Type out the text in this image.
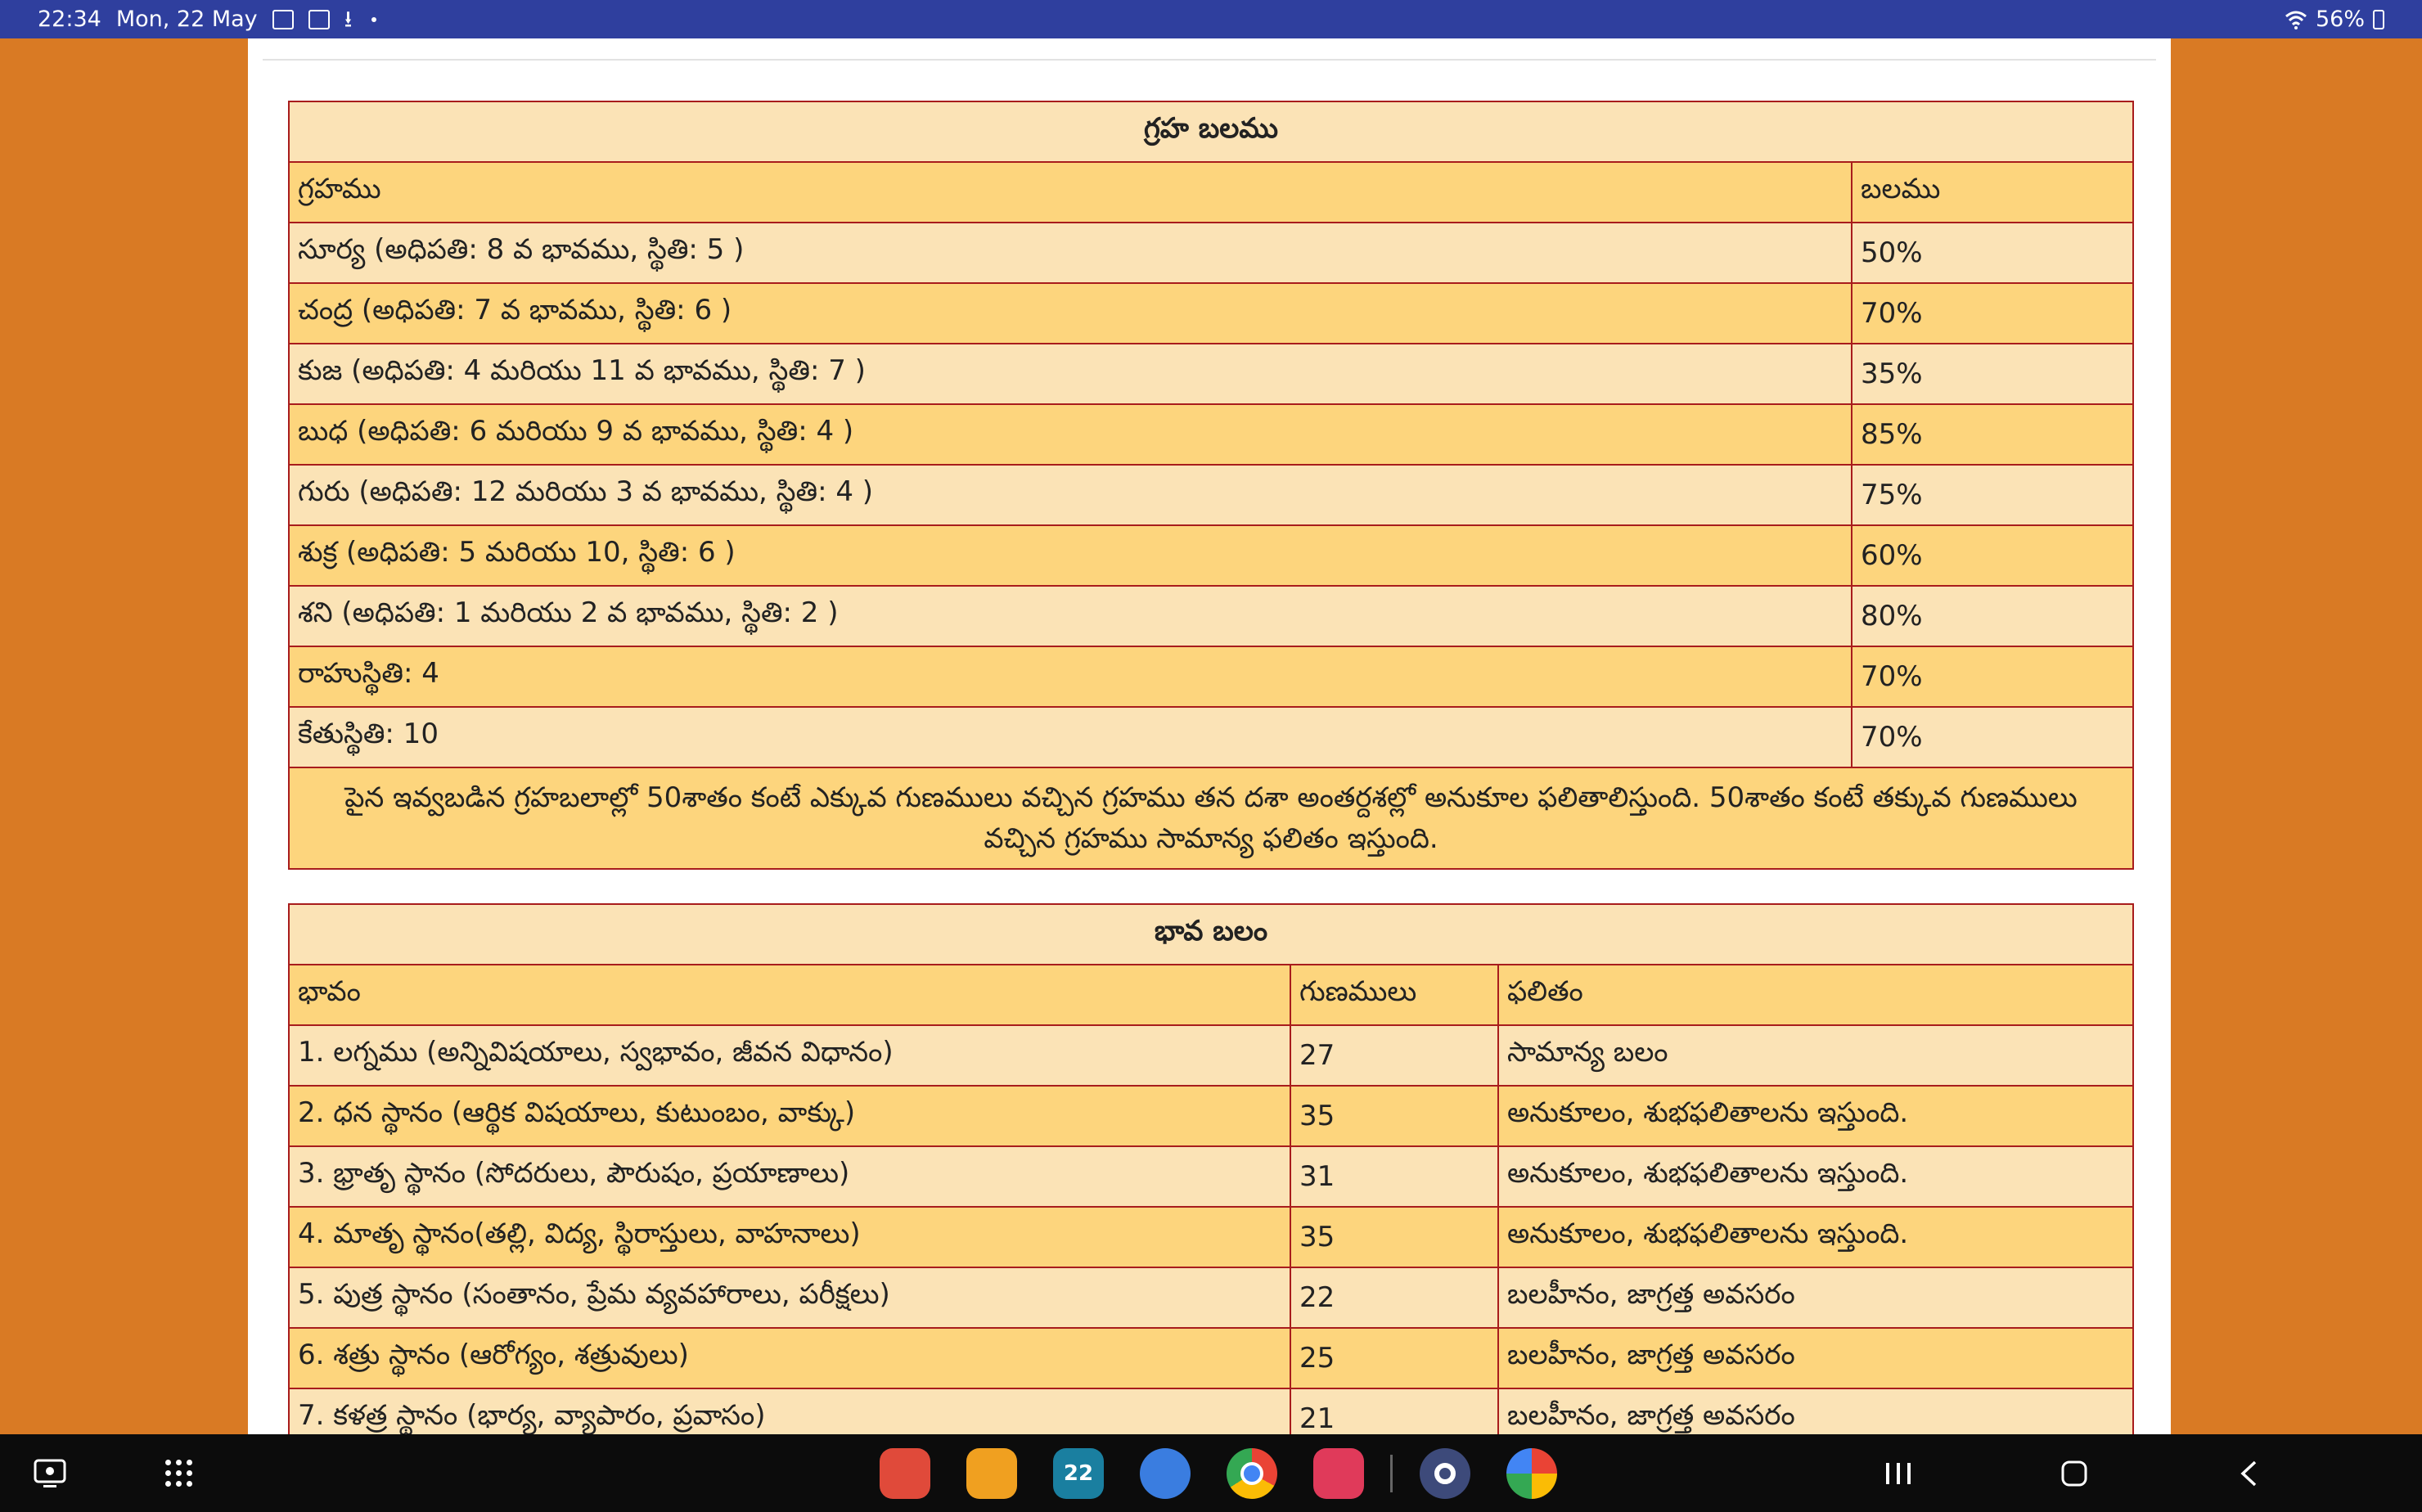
22:34 Mon, 22 May	⭳	56%
గ్రహ బలము	
గ్రహము	బలము
సూర్య (అధిపతి: 8 వ భావము, స్థితి: 5 )	50%
చంద్ర (అధిపతి: 7 వ భావము, స్థితి: 6 )	70%
కుజ (అధిపతి: 4 మరియు 11 వ భావము, స్థితి: 7 )	35%
బుధ (అధిపతి: 6 మరియు 9 వ భావము, స్థితి: 4 )	85%
గురు (అధిపతి: 12 మరియు 3 వ భావము, స్థితి: 4 )	75%
శుక్ర (అధిపతి: 5 మరియు 10, స్థితి: 6 )	60%
శని (అధిపతి: 1 మరియు 2 వ భావము, స్థితి: 2 )	80%
రాహుస్థితి: 4	70%
కేతుస్థితి: 10	70%
పైన ఇవ్వబడిన గ్రహబలాల్లో 50శాతం కంటే ఎక్కువ గుణములు వచ్చిన గ్రహము తన దశా అంతర్దశల్లో అనుకూల ఫలితాలిస్తుంది. 50శాతం కంటే తక్కువ గుణములు వచ్చిన గ్రహము సామాన్య ఫలితం ఇస్తుంది.	
భావ బలం		
భావం	గుణములు	ఫలితం
1. లగ్నము (అన్నివిషయాలు, స్వభావం, జీవన విధానం)	27	సామాన్య బలం
2. ధన స్థానం (ఆర్థిక విషయాలు, కుటుంబం, వాక్కు)	35	అనుకూలం, శుభఫలితాలను ఇస్తుంది.
3. భ్రాతృ స్థానం (సోదరులు, పౌరుషం, ప్రయాణాలు)	31	అనుకూలం, శుభఫలితాలను ఇస్తుంది.
4. మాతృ స్థానం(తల్లి, విద్య, స్థిరాస్తులు, వాహనాలు)	35	అనుకూలం, శుభఫలితాలను ఇస్తుంది.
5. పుత్ర స్థానం (సంతానం, ప్రేమ వ్యవహారాలు, పరీక్షలు)	22	బలహీనం, జాగ్రత్త అవసరం
6. శత్రు స్థానం (ఆరోగ్యం, శత్రువులు)	25	బలహీనం, జాగ్రత్త అవసరం
7. కళత్ర స్థానం (భార్య, వ్యాపారం, ప్రవాసం)	21	బలహీనం, జాగ్రత్త అవసరం

22
